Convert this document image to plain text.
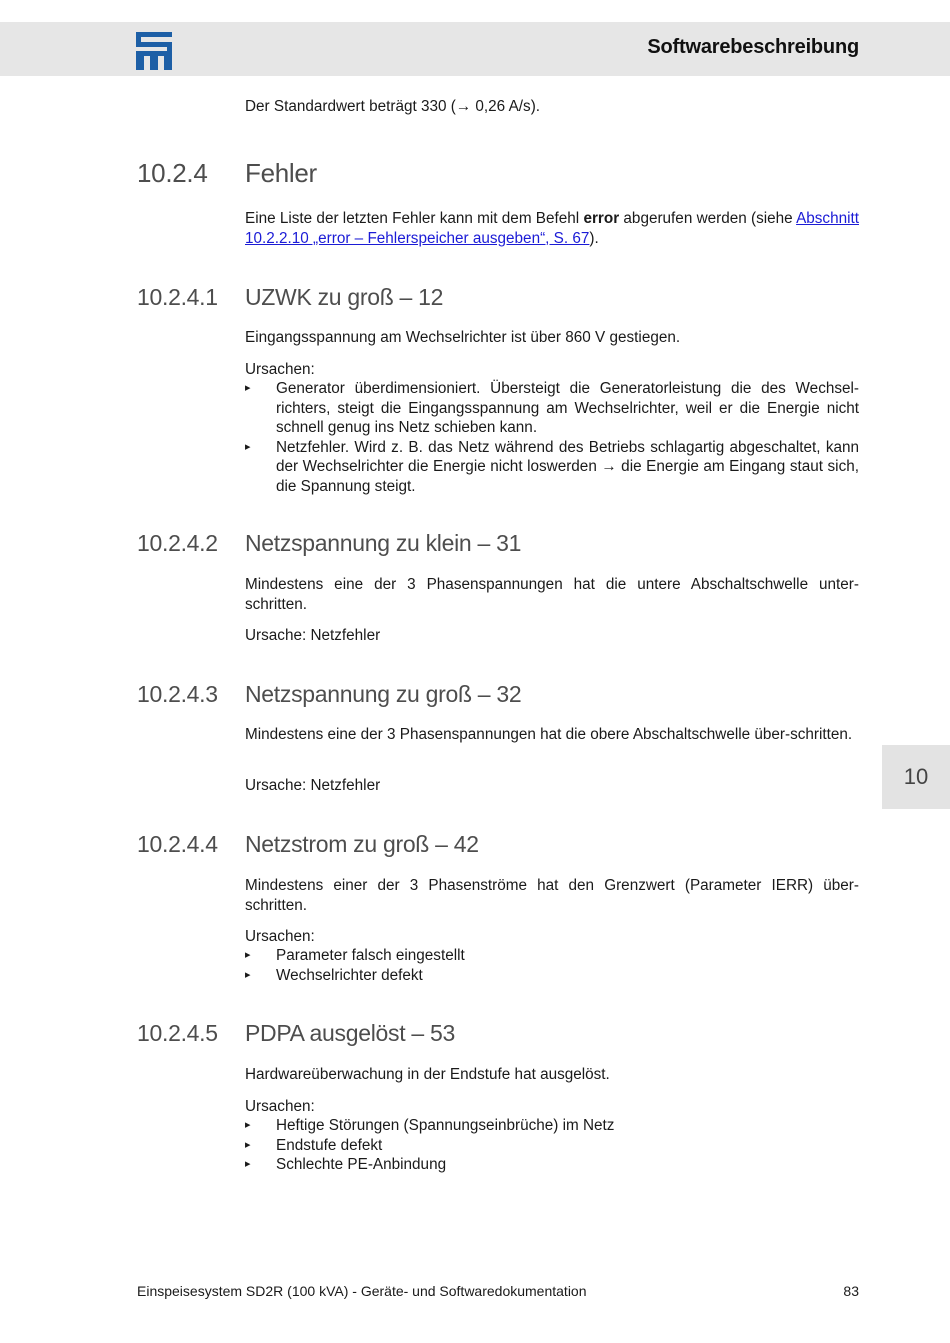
Softwarebeschreibung
10
Der Standardwert beträgt 330 (→ 0,26 A/s).
10.2.4 Fehler
Eine Liste der letzten Fehler kann mit dem Befehl error abgerufen werden (siehe Abschnitt 10.2.2.10 „error – Fehlerspeicher ausgeben“, S. 67).
10.2.4.1 UZWK zu groß – 12
Eingangsspannung am Wechselrichter ist über 860 V gestiegen.
Ursachen:
▸ Generator überdimensioniert. Übersteigt die Generatorleistung die des Wechsel-richters, steigt die Eingangsspannung am Wechselrichter, weil er die Energie nicht schnell genug ins Netz schieben kann.
▸ Netzfehler. Wird z. B. das Netz während des Betriebs schlagartig abgeschaltet, kann der Wechselrichter die Energie nicht loswerden → die Energie am Eingang staut sich, die Spannung steigt.
10.2.4.2 Netzspannung zu klein – 31
Mindestens eine der 3 Phasenspannungen hat die untere Abschaltschwelle unter-schritten.
Ursache: Netzfehler
10.2.4.3 Netzspannung zu groß – 32
Mindestens eine der 3 Phasenspannungen hat die obere Abschaltschwelle über-schritten.
Ursache: Netzfehler
10.2.4.4 Netzstrom zu groß – 42
Mindestens einer der 3 Phasenströme hat den Grenzwert (Parameter IERR) über-schritten.
Ursachen:
▸ Parameter falsch eingestellt
▸ Wechselrichter defekt
10.2.4.5 PDPA ausgelöst – 53
Hardwareüberwachung in der Endstufe hat ausgelöst.
Ursachen:
▸ Heftige Störungen (Spannungseinbrüche) im Netz
▸ Endstufe defekt
▸ Schlechte PE-Anbindung
Einspeisesystem SD2R (100 kVA) - Geräte- und Softwaredokumentation	83
